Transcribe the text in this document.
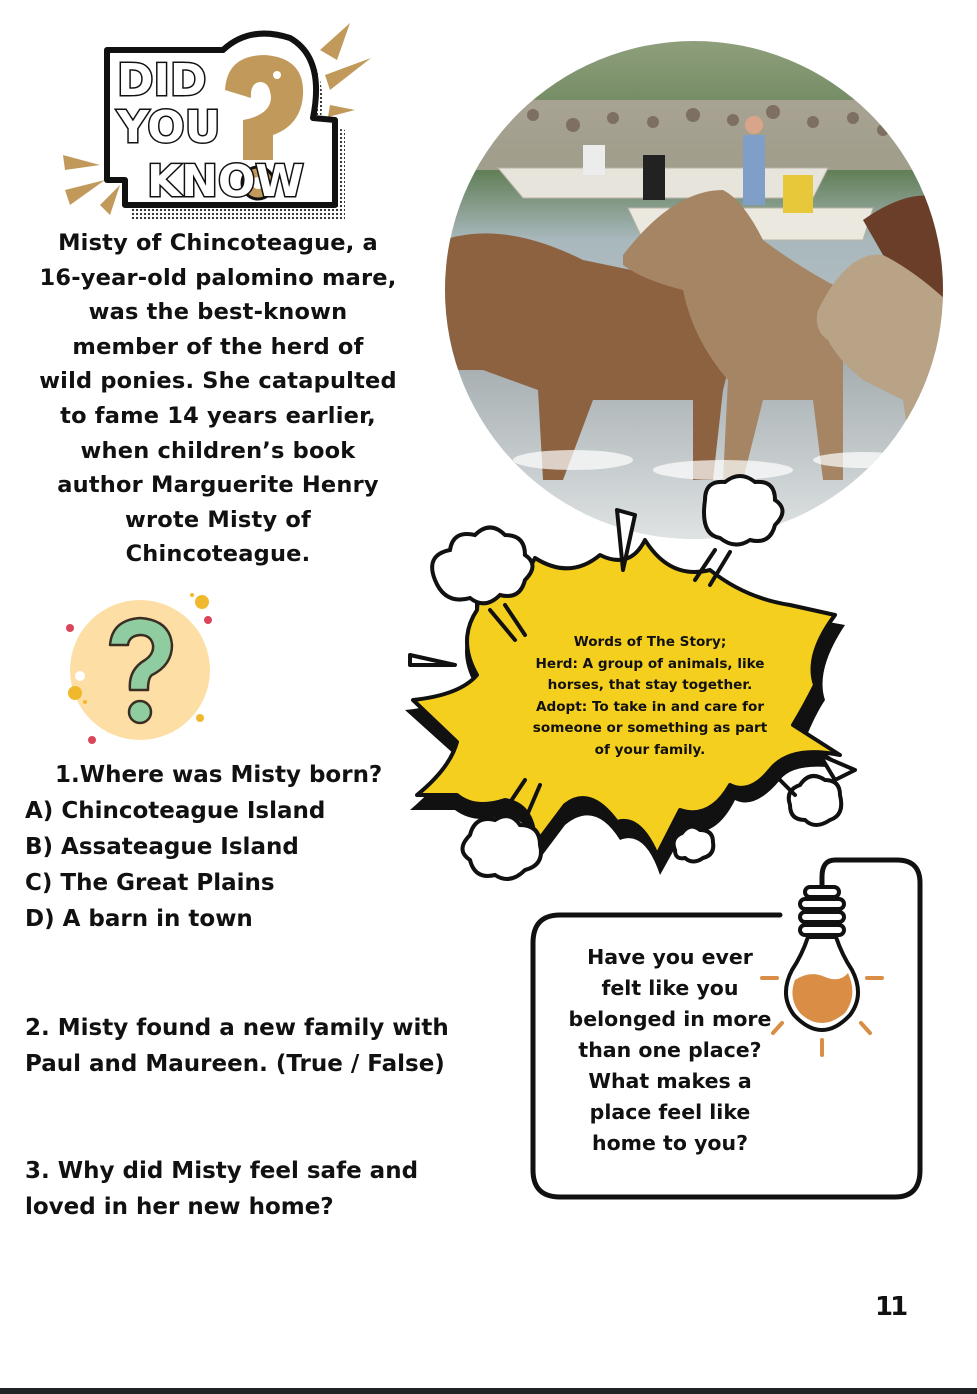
DID
YOU
KNOW
Misty of Chincoteague, a
16-year-old palomino mare,
was the best-known
member of the herd of
wild ponies. She catapulted
to fame 14 years earlier,
when children’s book
author Marguerite Henry
wrote Misty of
Chincoteague.
1.Where was Misty born?
A) Chincoteague Island
B) Assateague Island
C) The Great Plains
D) A barn in town
2. Misty found a new family with
Paul and Maureen. (True / False)
3. Why did Misty feel safe and
loved in her new home?
Words of The Story;
Herd: A group of animals, like
horses, that stay together.
Adopt: To take in and care for
someone or something as part
of your family.
Have you ever
felt like you
belonged in more
than one place?
What makes a
place feel like
home to you?
11
